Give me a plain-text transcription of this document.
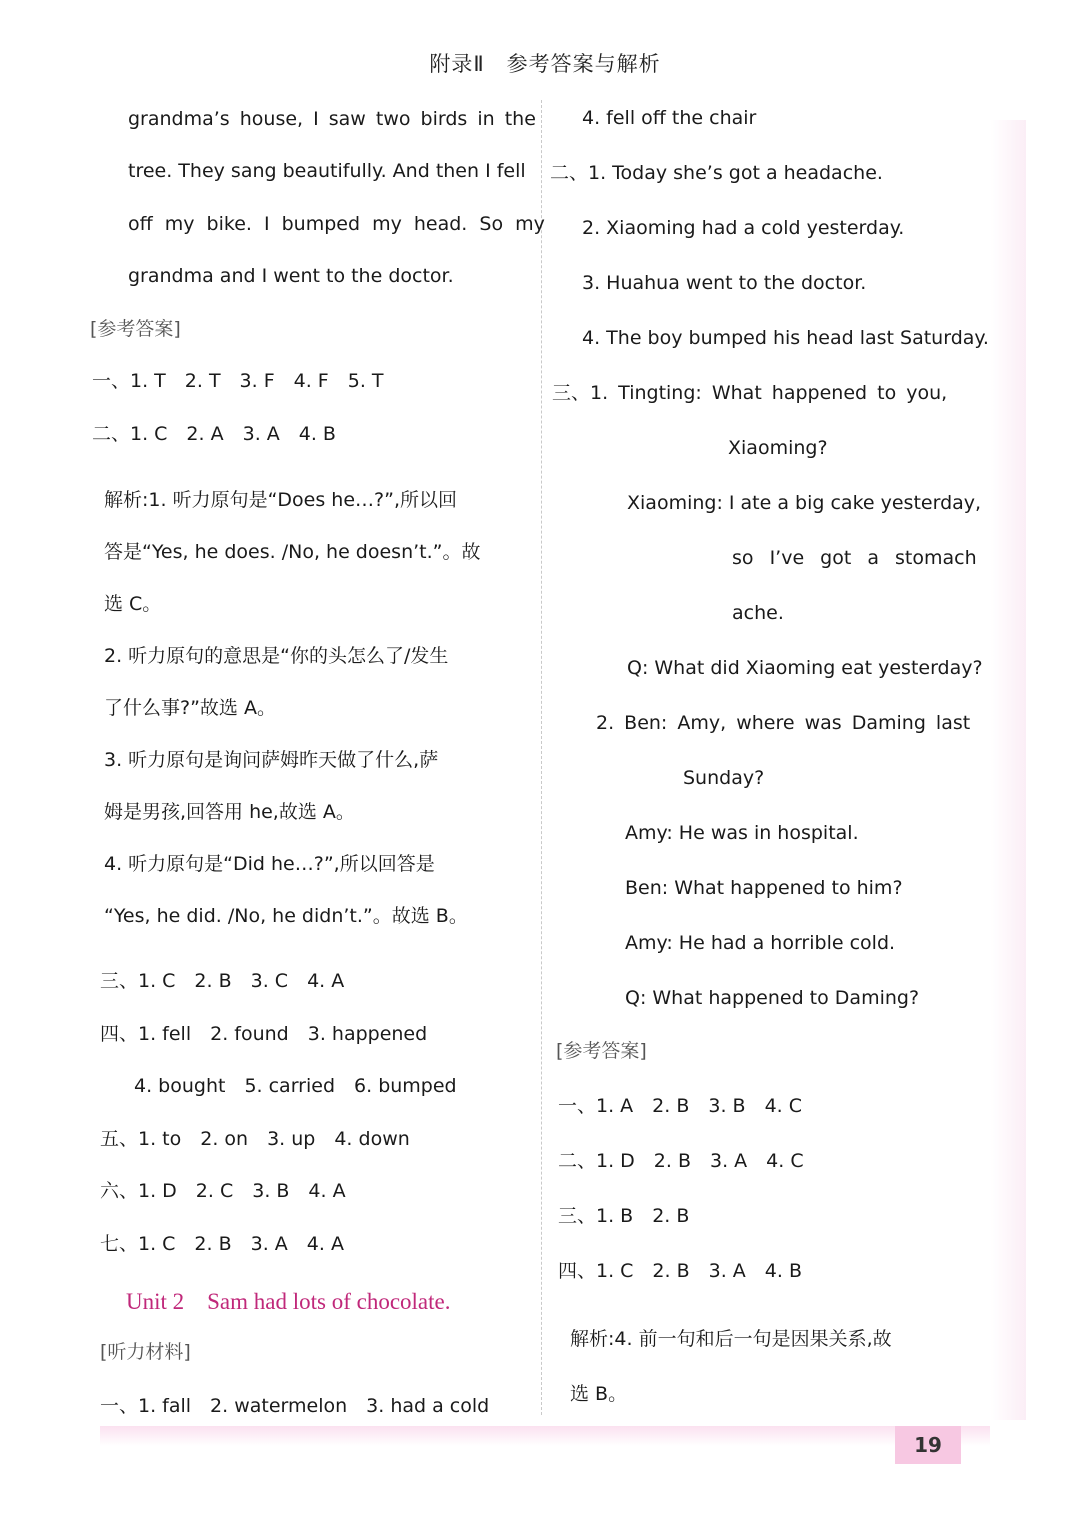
附录Ⅱ　参考答案与解析
19
grandma’s house, I saw two birds in the
tree. They sang beautifully. And then I fell
off my bike. I bumped my head. So my
grandma and I went to the doctor.
[参考答案]
一、1. T　2. T　3. F　4. F　5. T
二、1. C　2. A　3. A　4. B
解析:1. 听力原句是“Does he…?”,所以回
答是“Yes, he does. /No, he doesn’t.”。故
选 C。
2. 听力原句的意思是“你的头怎么了/发生
了什么事?”故选 A。
3. 听力原句是询问萨姆昨天做了什么,萨
姆是男孩,回答用 he,故选 A。
4. 听力原句是“Did he…?”,所以回答是
“Yes, he did. /No, he didn’t.”。故选 B。
三、1. C　2. B　3. C　4. A
四、1. fell　2. found　3. happened
4. bought　5. carried　6. bumped
五、1. to　2. on　3. up　4. down
六、1. D　2. C　3. B　4. A
七、1. C　2. B　3. A　4. A
Unit 2　Sam had lots of chocolate.
[听力材料]
一、1. fall　2. watermelon　3. had a cold
4. fell off the chair
二、1. Today she’s got a headache.
2. Xiaoming had a cold yesterday.
3. Huahua went to the doctor.
4. The boy bumped his head last Saturday.
三、1. Tingting: What happened to you,
Xiaoming?
Xiaoming: I ate a big cake yesterday,
so I’ve got a stomach
ache.
Q: What did Xiaoming eat yesterday?
2. Ben: Amy, where was Daming last
Sunday?
Amy: He was in hospital.
Ben: What happened to him?
Amy: He had a horrible cold.
Q: What happened to Daming?
[参考答案]
一、1. A　2. B　3. B　4. C
二、1. D　2. B　3. A　4. C
三、1. B　2. B
四、1. C　2. B　3. A　4. B
解析:4. 前一句和后一句是因果关系,故
选 B。
